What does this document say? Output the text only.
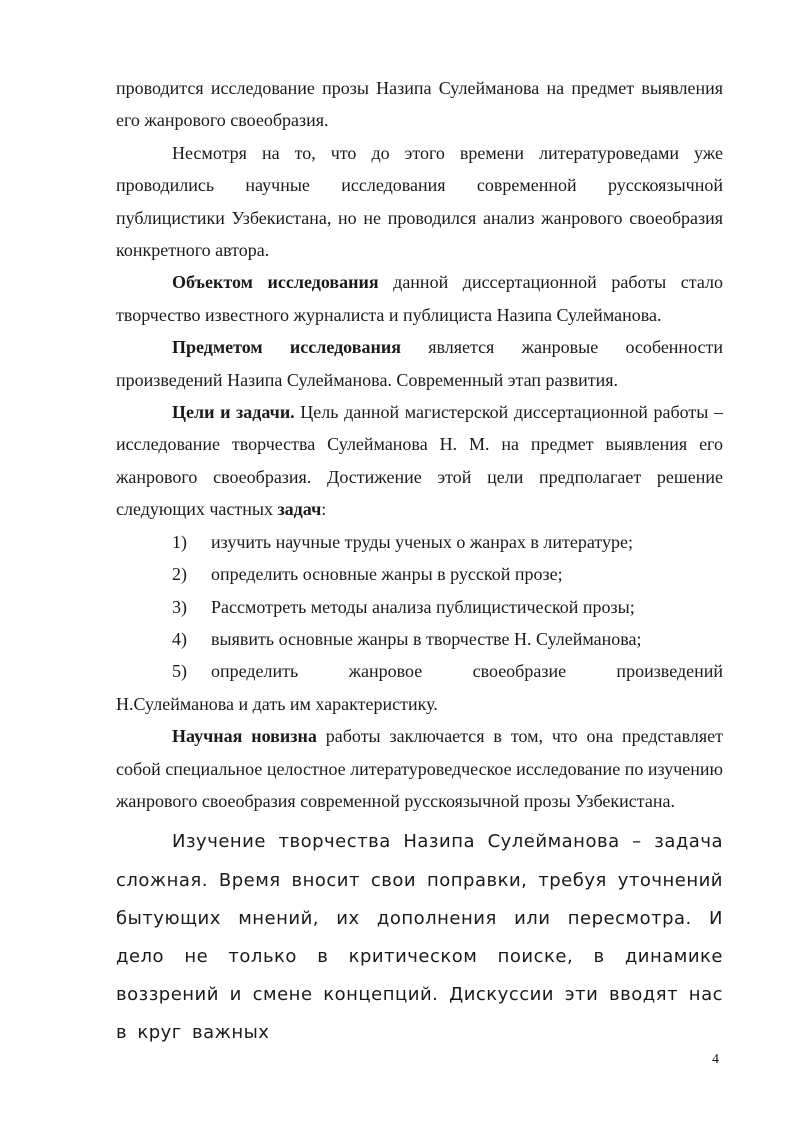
проводится исследование прозы Назипа Сулейманова на предмет выявления его жанрового своеобразия.

Несмотря на то, что до этого времени литературоведами уже проводились научные исследования современной русскоязычной публицистики Узбекистана, но не проводился анализ жанрового своеобразия конкретного автора.

Объектом исследования данной диссертационной работы стало творчество известного журналиста и публициста Назипа Сулейманова.

Предметом исследования является жанровые особенности произведений Назипа Сулейманова. Современный этап развития.

Цели и задачи. Цель данной магистерской диссертационной работы – исследование творчества Сулейманова Н. М. на предмет выявления его жанрового своеобразия. Достижение этой цели предполагает решение следующих частных задач:

1)	изучить научные труды ученых о жанрах в литературе;
2)	определить основные жанры в русской прозе;
3)	Рассмотреть методы анализа публицистической прозы;
4)	выявить основные жанры в творчестве Н. Сулейманова;
5)	определить жанровое своеобразие произведений

Н.Сулейманова и дать им характеристику.

Научная новизна работы заключается в том, что она представляет собой специальное целостное литературоведческое исследование по изучению жанрового своеобразия современной русскоязычной прозы Узбекистана.

Изучение творчества Назипа Сулейманова – задача сложная. Время вносит свои поправки, требуя уточнений бытующих мнений, их дополнения или пересмотра. И дело не только в критическом поиске, в динамике воззрений и смене концепций. Дискуссии эти вводят нас в круг важных

4
